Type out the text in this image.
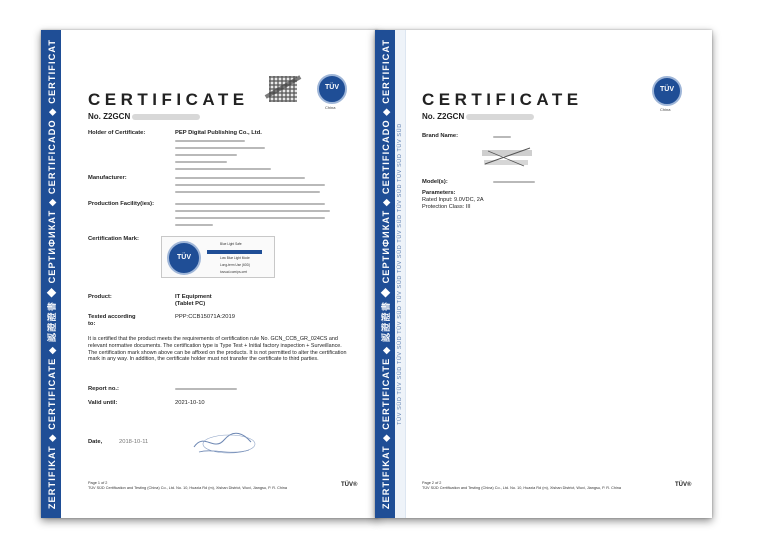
ZERTIFIKAT ◆ CERTIFICATE ◆ 認證證書 ◆ СЕРТИФИКАТ ◆ CERTIFICADO ◆ CERTIFICAT	TÜV
China
CERTIFICATE
No. Z2GCN
Holder of Certificate:	PEP Digital Publishing Co., Ltd.
Manufacturer:
Production Facility(ies):
Certification Mark:
TÜV SÜD
Blue Light Safe
Low Blue Light Mode
Long-term Use (60D)
tuvsud.com/ps-cert
Product:	IT Equipment
(Tablet PC)
Tested according to:
PPP:CCB15071A:2019
It is certified that the product meets the requirements of certification rule No. GCN_CCB_GR_024CS and relevant normative documents. The certification type is Type Test + Initial factory inspection + Surveillance. The certification mark shown above can be affixed on the products. It is not permitted to alter the certification mark in any way. In addition, the certificate holder must not transfer the certificate to third parties.
Report no.:
Valid until:	2021-10-10
Date,	2018-10-11
Page 1 of 2
TÜV SÜD Certification and Testing (China) Co., Ltd. No. 10, Huaxia Rd (m), Xishan District, Wuxi, Jiangsu, P. R. China	TÜV®	ZERTIFIKAT ◆ CERTIFICATE ◆ 認證證書 ◆ СЕРТИФИКАТ ◆ CERTIFICADO ◆ CERTIFICAT TÜV SÜD TÜV SÜD TÜV SÜD TÜV SÜD TÜV SÜD TÜV SÜD TÜV SÜD TÜV SÜD TÜV SÜD TÜV SÜD
TÜV
China
CERTIFICATE
No. Z2GCN
Brand Name:
Model(s):
Parameters:
Rated Input: 9.0VDC, 2A
Protection Class: III
Page 2 of 2
TÜV SÜD Certification and Testing (China) Co., Ltd. No. 10, Huaxia Rd (m), Xishan District, Wuxi, Jiangsu, P. R. China	TÜV®
